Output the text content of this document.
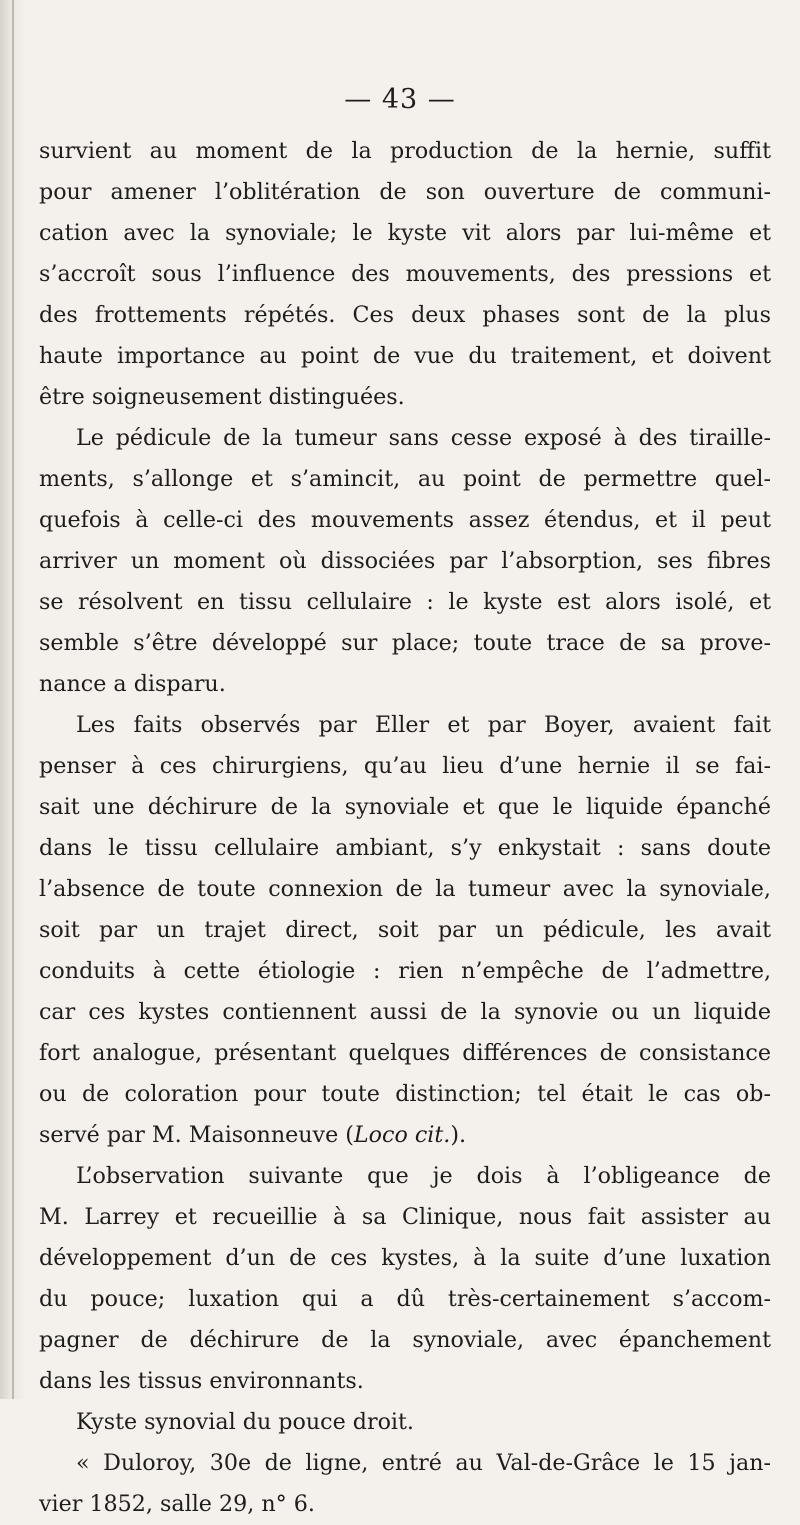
— 43 —
survient au moment de la production de la hernie, suffit
pour amener l’oblitération de son ouverture de communi-
cation avec la synoviale; le kyste vit alors par lui-même et
s’accroît sous l’influence des mouvements, des pressions et
des frottements répétés. Ces deux phases sont de la plus
haute importance au point de vue du traitement, et doivent
être soigneusement distinguées.
Le pédicule de la tumeur sans cesse exposé à des tiraille-
ments, s’allonge et s’amincit, au point de permettre quel-
quefois à celle-ci des mouvements assez étendus, et il peut
arriver un moment où dissociées par l’absorption, ses fibres
se résolvent en tissu cellulaire : le kyste est alors isolé, et
semble s’être développé sur place; toute trace de sa prove-
nance a disparu.
Les faits observés par Eller et par Boyer, avaient fait
penser à ces chirurgiens, qu’au lieu d’une hernie il se fai-
sait une déchirure de la synoviale et que le liquide épanché
dans le tissu cellulaire ambiant, s’y enkystait : sans doute
l’absence de toute connexion de la tumeur avec la synoviale,
soit par un trajet direct, soit par un pédicule, les avait
conduits à cette étiologie : rien n’empêche de l’admettre,
car ces kystes contiennent aussi de la synovie ou un liquide
fort analogue, présentant quelques différences de consistance
ou de coloration pour toute distinction; tel était le cas ob-
servé par M. Maisonneuve (Loco cit.).
L’observation suivante que je dois à l’obligeance de
M. Larrey et recueillie à sa Clinique, nous fait assister au
développement d’un de ces kystes, à la suite d’une luxation
du pouce; luxation qui a dû très-certainement s’accom-
pagner de déchirure de la synoviale, avec épanchement
dans les tissus environnants.
Kyste synovial du pouce droit.
« Duloroy, 30e de ligne, entré au Val-de-Grâce le 15 jan-
vier 1852, salle 29, n° 6.
